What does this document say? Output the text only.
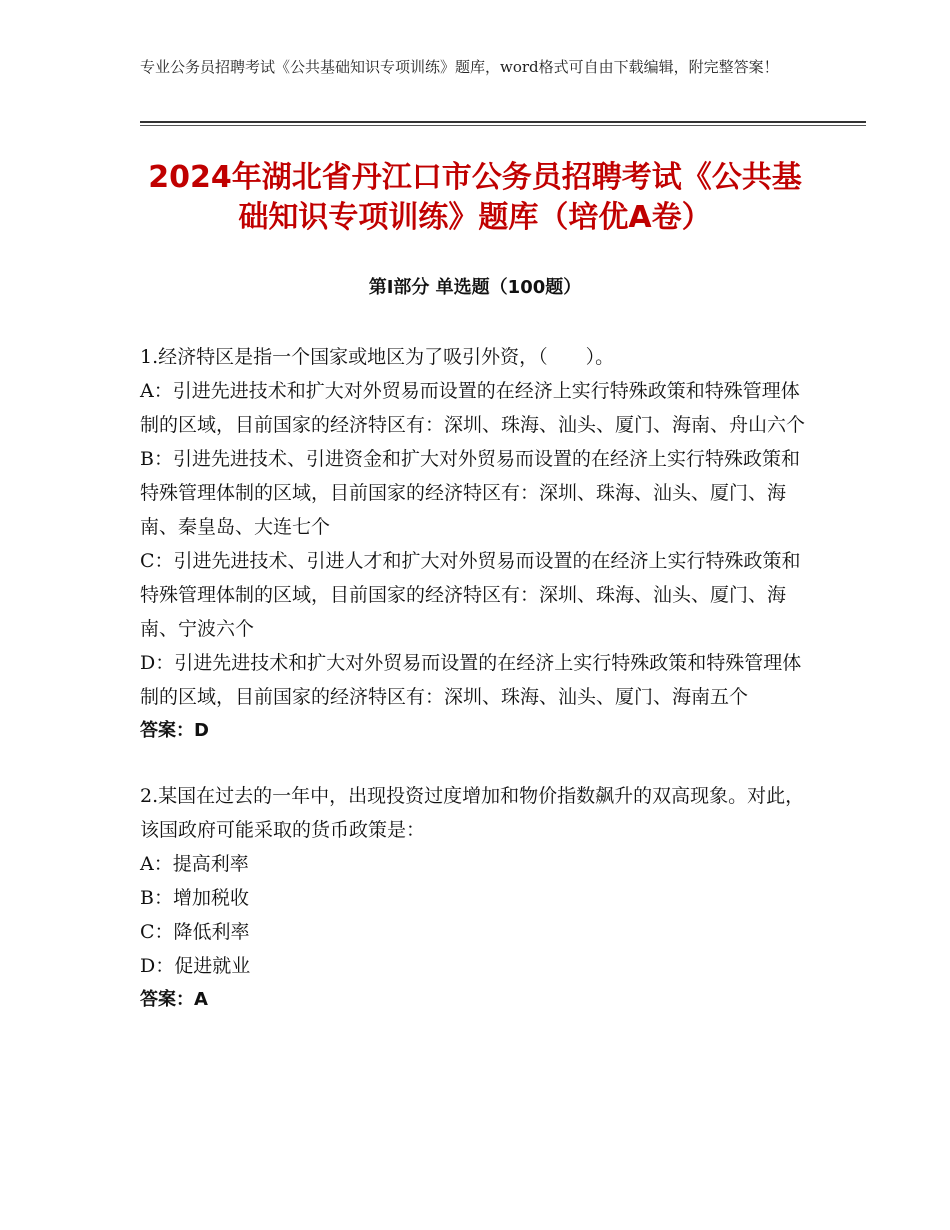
专业公务员招聘考试《公共基础知识专项训练》题库，word格式可自由下载编辑，附完整答案！
2024年湖北省丹江口市公务员招聘考试《公共基础知识专项训练》题库（培优A卷）
第Ⅰ部分 单选题（100题）

1.经济特区是指一个国家或地区为了吸引外资，（　　）。

A：引进先进技术和扩大对外贸易而设置的在经济上实行特殊政策和特殊管理体制的区域，目前国家的经济特区有：深圳、珠海、汕头、厦门、海南、舟山六个

B：引进先进技术、引进资金和扩大对外贸易而设置的在经济上实行特殊政策和特殊管理体制的区域，目前国家的经济特区有：深圳、珠海、汕头、厦门、海南、秦皇岛、大连七个

C：引进先进技术、引进人才和扩大对外贸易而设置的在经济上实行特殊政策和特殊管理体制的区域，目前国家的经济特区有：深圳、珠海、汕头、厦门、海南、宁波六个

D：引进先进技术和扩大对外贸易而设置的在经济上实行特殊政策和特殊管理体制的区域，目前国家的经济特区有：深圳、珠海、汕头、厦门、海南五个

答案：D

2.某国在过去的一年中，出现投资过度增加和物价指数飙升的双高现象。对此，该国政府可能采取的货币政策是：

A：提高利率

B：增加税收

C：降低利率

D：促进就业

答案：A
